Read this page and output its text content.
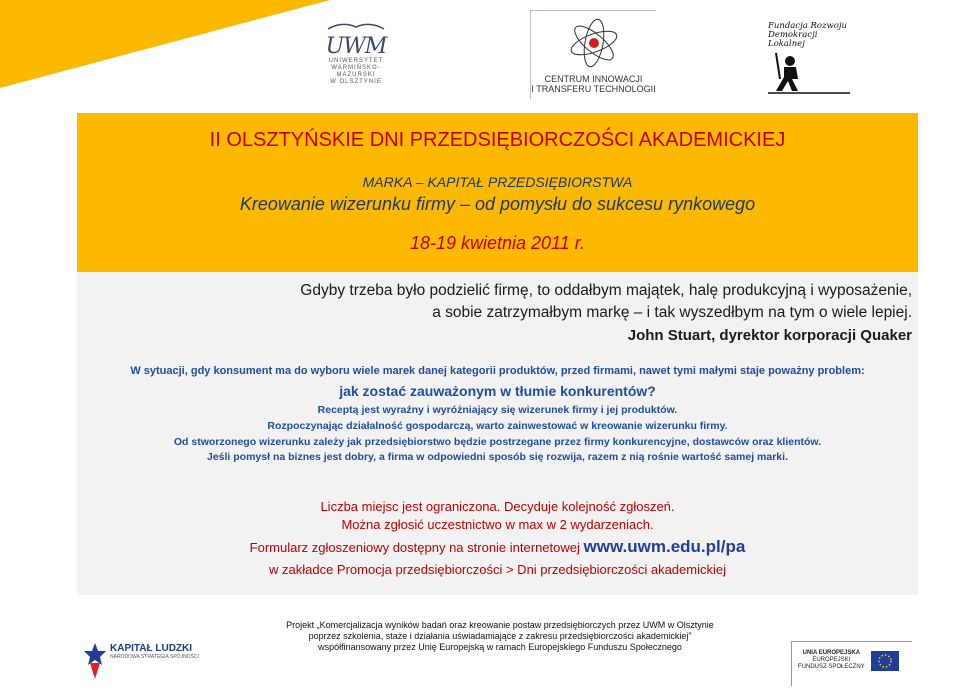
UWM
UNIWERSYTET
WARMIŃSKO-MAZURSKI
W OLSZTYNIE	CENTRUM INNOWACJI
I TRANSFERU TECHNOLOGII
Fundacja Rozwoju
Demokracji Lokalnej
II OLSZTYŃSKIE DNI PRZEDSIĘBIORCZOŚCI AKADEMICKIEJ
MARKA – KAPITAŁ PRZEDSIĘBIORSTWA
Kreowanie wizerunku firmy – od pomysłu do sukcesu rynkowego
18-19 kwietnia 2011 r.
Gdyby trzeba było podzielić firmę, to oddałbym majątek, halę produkcyjną i wyposażenie,
a sobie zatrzymałbym markę – i tak wyszedłbym na tym o wiele lepiej.
John Stuart, dyrektor korporacji Quaker
W sytuacji, gdy konsument ma do wyboru wiele marek danej kategorii produktów, przed firmami, nawet tymi małymi staje poważny problem:
jak zostać zauważonym w tłumie konkurentów?
Receptą jest wyraźny i wyróżniający się wizerunek firmy i jej produktów.
Rozpoczynając działalność gospodarczą, warto zainwestować w kreowanie wizerunku firmy.
Od stworzonego wizerunku zależy jak przedsiębiorstwo będzie postrzegane przez firmy konkurencyjne, dostawców oraz klientów.
Jeśli pomysł na biznes jest dobry, a firma w odpowiedni sposób się rozwija, razem z nią rośnie wartość samej marki.
Liczba miejsc jest ograniczona. Decyduje kolejność zgłoszeń.
Można zgłosić uczestnictwo w max w 2 wydarzeniach.
Formularz zgłoszeniowy dostępny na stronie internetowej www.uwm.edu.pl/pa
w zakładce Promocja przedsiębiorczości > Dni przedsiębiorczości akademickiej
Projekt „Komercjalizacja wyników badań oraz kreowanie postaw przedsiębiorczych przez UWM w Olsztynie
poprzez szkolenia, staże i działania uświadamiające z zakresu przedsiębiorczości akademickiej”
współfinansowany przez Unię Europejską w ramach Europejskiego Funduszu Społecznego
KAPITAŁ LUDZKI
NARODOWA STRATEGIA SPÓJNOŚCI
UNIA EUROPEJSKA
EUROPEJSKI
FUNDUSZ SPOŁECZNY
